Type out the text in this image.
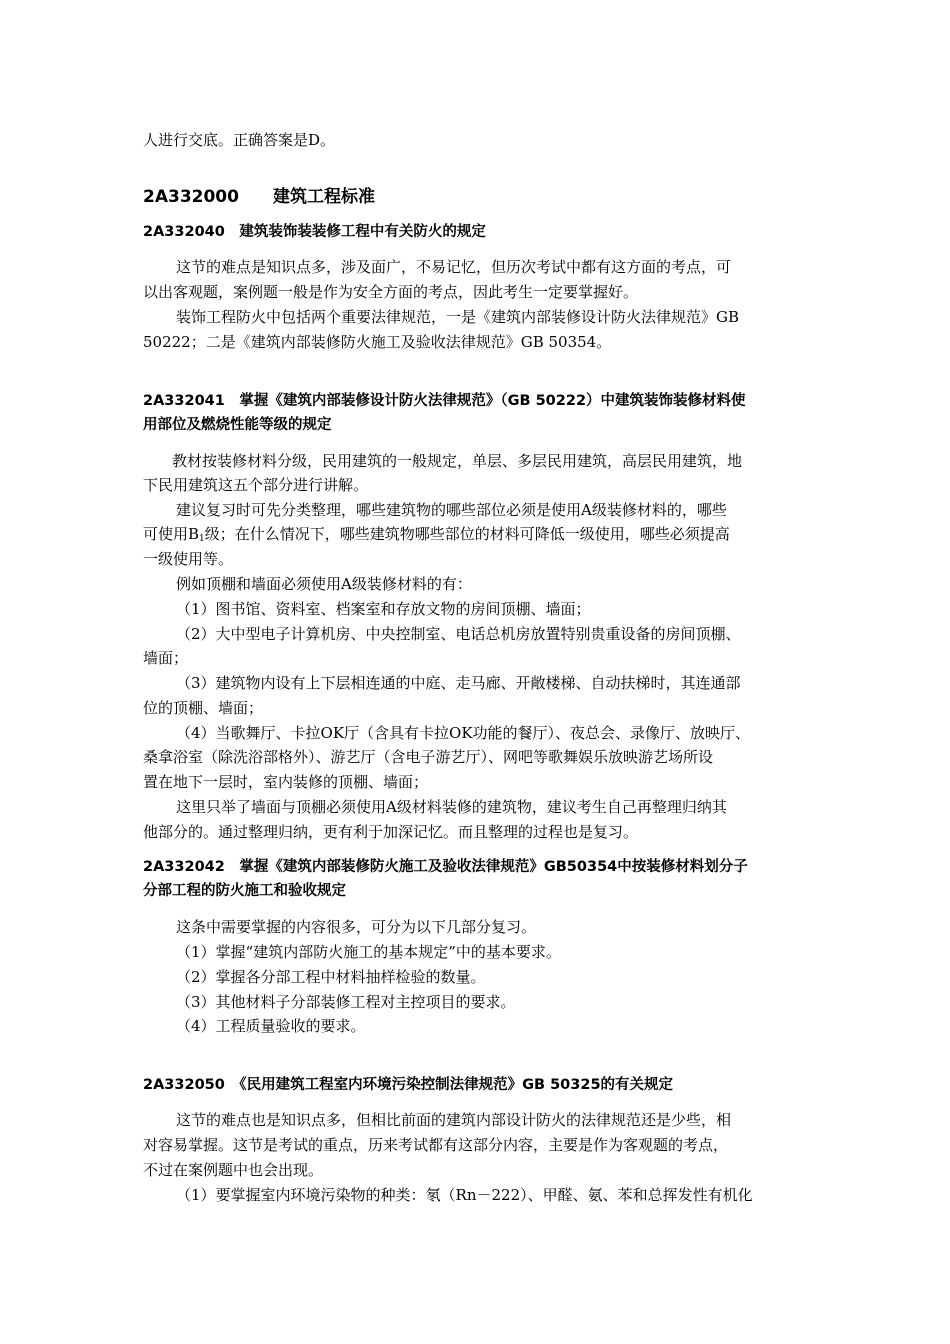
人进行交底。正确答案是D。
2A332000　　建筑工程标准
2A332040　建筑装饰装装修工程中有关防火的规定
这节的难点是知识点多，涉及面广，不易记忆，但历次考试中都有这方面的考点，可
以出客观题，案例题一般是作为安全方面的考点，因此考生一定要掌握好。
装饰工程防火中包括两个重要法律规范，一是《建筑内部装修设计防火法律规范》GB
50222；二是《建筑内部装修防火施工及验收法律规范》GB 50354。
2A332041　掌握《建筑内部装修设计防火法律规范》（GB 50222）中建筑装饰装修材料使
用部位及燃烧性能等级的规定
教材按装修材料分级，民用建筑的一般规定，单层、多层民用建筑，高层民用建筑，地
下民用建筑这五个部分进行讲解。
建议复习时可先分类整理，哪些建筑物的哪些部位必须是使用A级装修材料的，哪些
可使用$B_1$级；在什么情况下，哪些建筑物哪些部位的材料可降低一级使用，哪些必须提高
一级使用等。
例如顶棚和墙面必须使用A级装修材料的有：
（1）图书馆、资料室、档案室和存放文物的房间顶棚、墙面；
（2）大中型电子计算机房、中央控制室、电话总机房放置特别贵重设备的房间顶棚、
墙面；
（3）建筑物内设有上下层相连通的中庭、走马廊、开敞楼梯、自动扶梯时，其连通部
位的顶棚、墙面；
（4）当歌舞厅、卡拉OK厅（含具有卡拉OK功能的餐厅）、夜总会、录像厅、放映厅、
桑拿浴室（除洗浴部格外）、游艺厅（含电子游艺厅）、网吧等歌舞娱乐放映游艺场所设
置在地下一层时，室内装修的顶棚、墙面；
这里只举了墙面与顶棚必须使用A级材料装修的建筑物，建议考生自己再整理归纳其
他部分的。通过整理归纳，更有利于加深记忆。而且整理的过程也是复习。
2A332042　掌握《建筑内部装修防火施工及验收法律规范》GB50354中按装修材料划分子
分部工程的防火施工和验收规定
这条中需要掌握的内容很多，可分为以下几部分复习。
（1）掌握“建筑内部防火施工的基本规定”中的基本要求。
（2）掌握各分部工程中材料抽样检验的数量。
（3）其他材料子分部装修工程对主控项目的要求。
（4）工程质量验收的要求。
2A332050　《民用建筑工程室内环境污染控制法律规范》GB 50325的有关规定
这节的难点也是知识点多，但相比前面的建筑内部设计防火的法律规范还是少些，相
对容易掌握。这节是考试的重点，历来考试都有这部分内容，主要是作为客观题的考点，
不过在案例题中也会出现。
（1）要掌握室内环境污染物的种类：氡（Rn－222）、甲醛、氨、苯和总挥发性有机化
